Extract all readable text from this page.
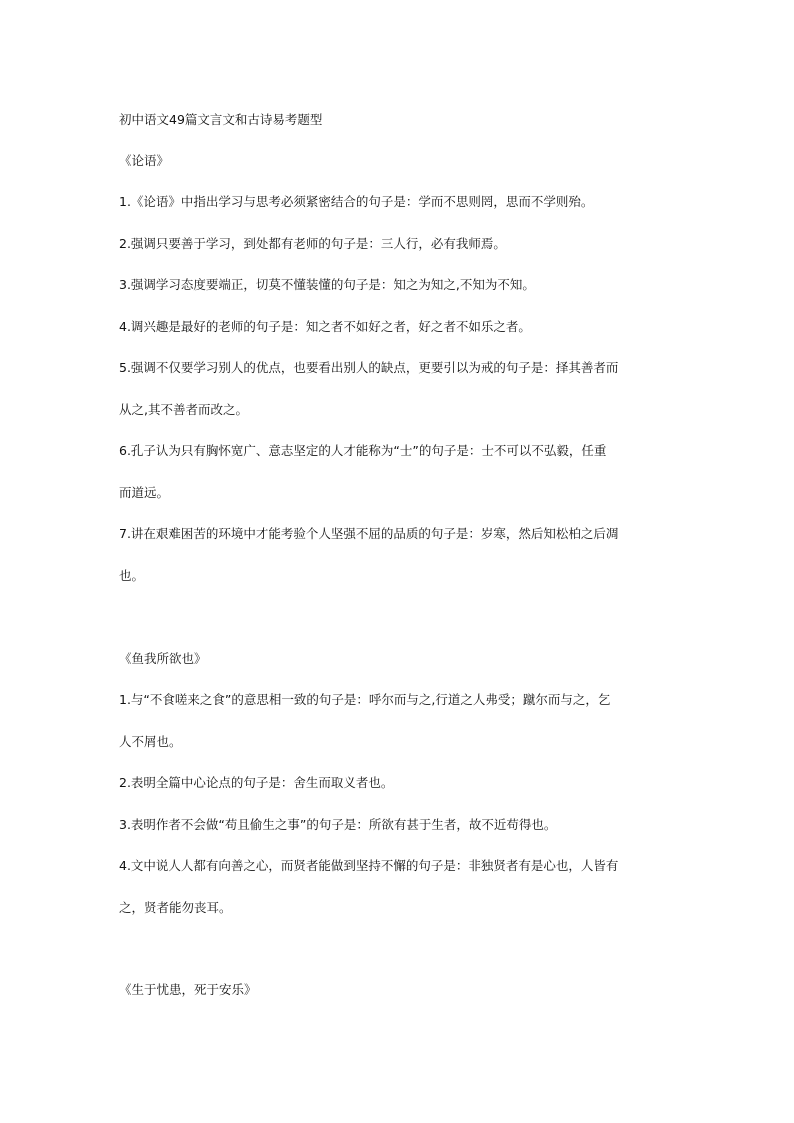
初中语文49篇文言文和古诗易考题型
《论语》
1.《论语》中指出学习与思考必须紧密结合的句子是：学而不思则罔，思而不学则殆。
2.强调只要善于学习，到处都有老师的句子是：三人行，必有我师焉。
3.强调学习态度要端正，切莫不懂装懂的句子是：知之为知之,不知为不知。
4.调兴趣是最好的老师的句子是：知之者不如好之者，好之者不如乐之者。
5.强调不仅要学习别人的优点，也要看出别人的缺点，更要引以为戒的句子是：择其善者而
从之,其不善者而改之。
6.孔子认为只有胸怀宽广、意志坚定的人才能称为“士”的句子是：士不可以不弘毅，任重
而道远。
7.讲在艰难困苦的环境中才能考验个人坚强不屈的品质的句子是：岁寒，然后知松柏之后凋
也。
《鱼我所欲也》
1.与“不食嗟来之食”的意思相一致的句子是：呼尔而与之,行道之人弗受；蹴尔而与之，乞
人不屑也。
2.表明全篇中心论点的句子是：舍生而取义者也。
3.表明作者不会做“苟且偷生之事”的句子是：所欲有甚于生者，故不近苟得也。
4.文中说人人都有向善之心，而贤者能做到坚持不懈的句子是：非独贤者有是心也，人皆有
之，贤者能勿丧耳。
《生于忧患，死于安乐》
